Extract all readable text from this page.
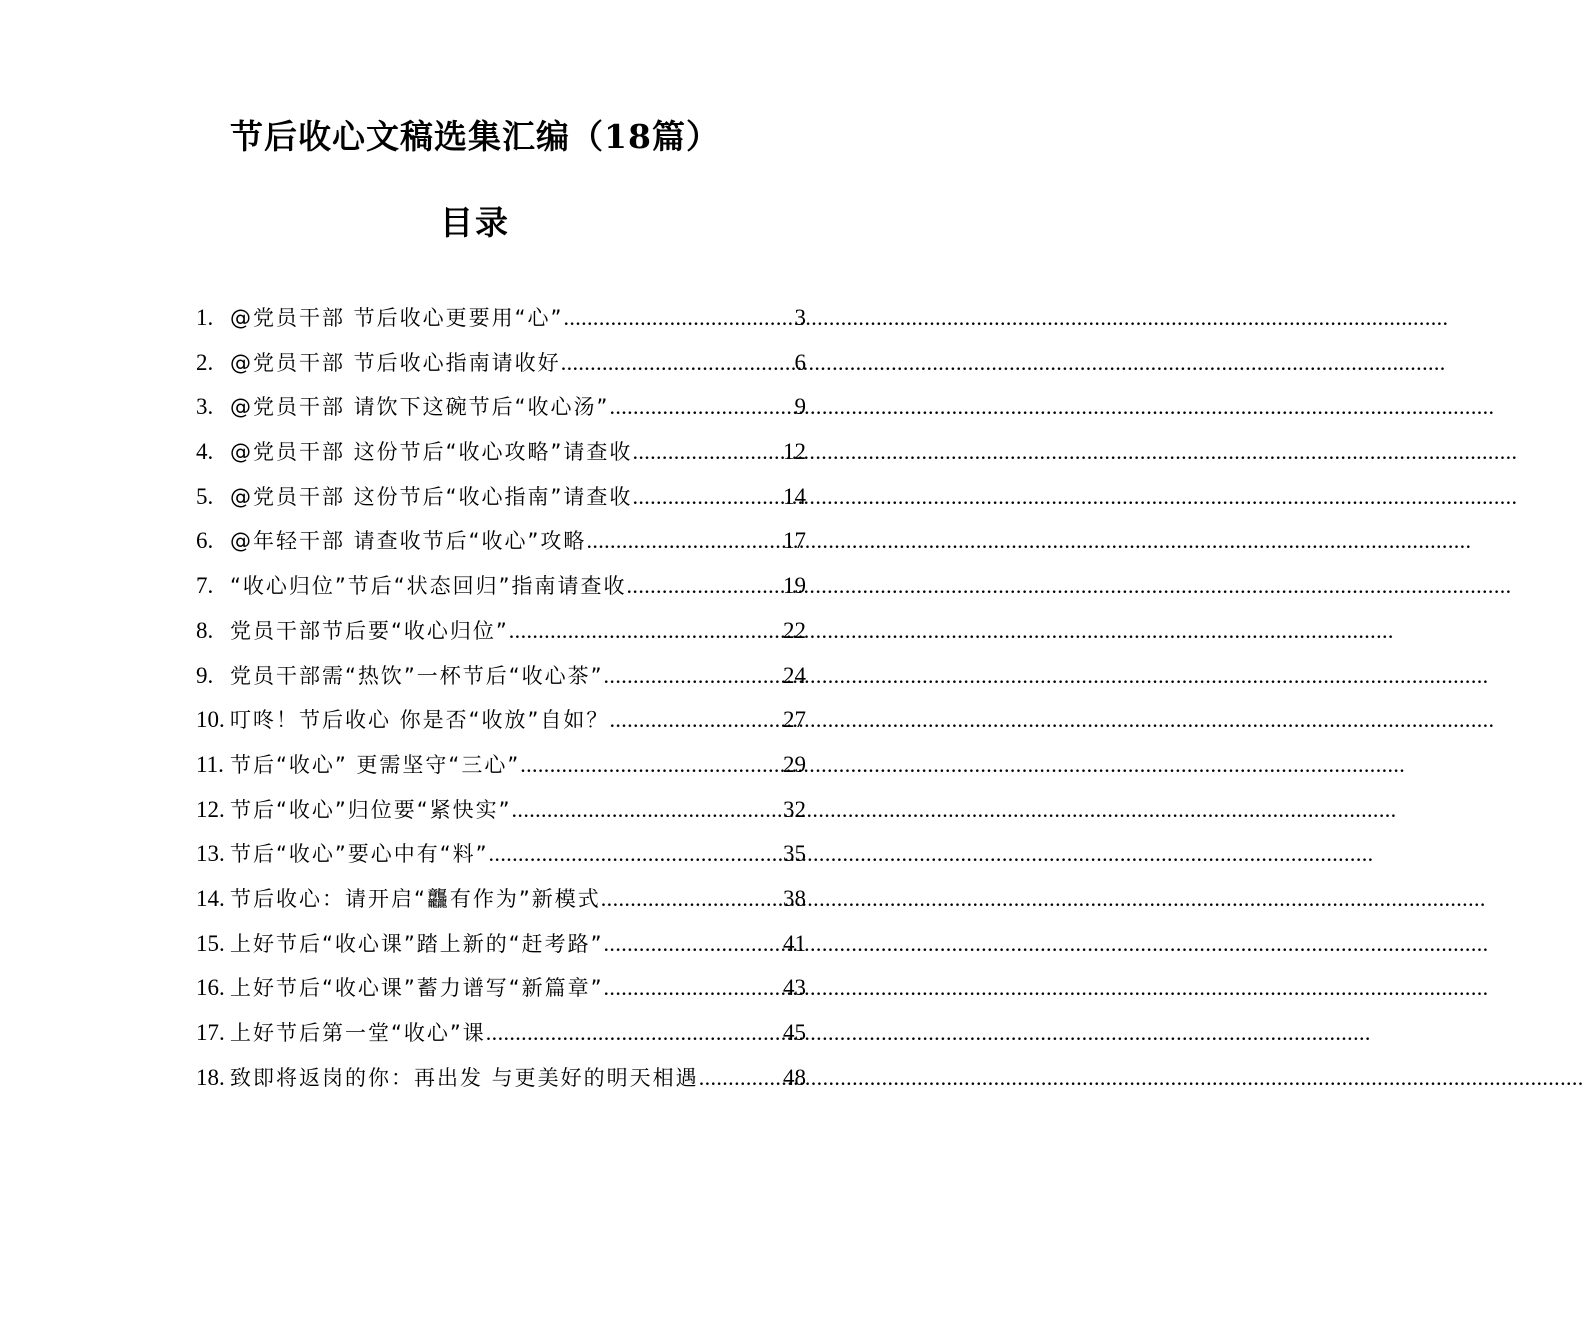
节后收心文稿选集汇编（18篇）
目录
1. @党员干部 节后收心更要用“心” .....	3
2. @党员干部 节后收心指南请收好 .....	6
3. @党员干部 请饮下这碗节后“收心汤” .....	9
4. @党员干部 这份节后“收心攻略”请查收 .....	12
5. @党员干部 这份节后“收心指南”请查收 .....	14
6. @年轻干部 请查收节后“收心”攻略 .....	17
7. “收心归位”节后“状态回归”指南请查收 .....	19
8. 党员干部节后要“收心归位” .....	22
9. 党员干部需“热饮”一杯节后“收心茶” .....	24
10. 叮咚！节后收心 你是否“收放”自如？ .....	27
11. 节后“收心” 更需坚守“三心” .....	29
12. 节后“收心”归位要“紧快实” .....	32
13. 节后“收心”要心中有“料” .....	35
14. 节后收心：请开启“龘有作为”新模式 .....	38
15. 上好节后“收心课”踏上新的“赶考路” .....	41
16. 上好节后“收心课”蓄力谱写“新篇章” .....	43
17. 上好节后第一堂“收心”课 .....	45
18. 致即将返岗的你：再出发 与更美好的明天相遇 .....	48
